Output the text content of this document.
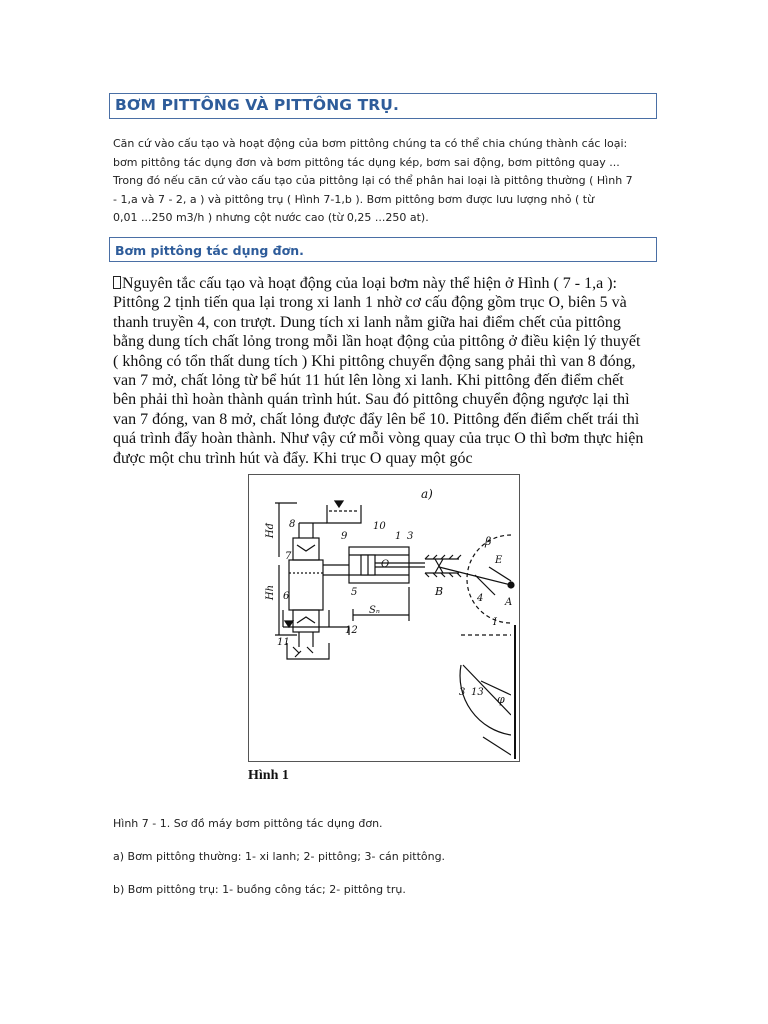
BƠM PITTÔNG VÀ PITTÔNG TRỤ.
Căn cứ vào cấu tạo và hoạt động của bơm pittông chúng ta có thể chia chúng thành các loại:
bơm pittông tác dụng đơn và bơm pittông tác dụng kép, bơm sai động, bơm pittông quay ...
Trong đó nếu căn cứ vào cấu tạo của pittông lại có thể phân hai loại là pittông thường ( Hình 7
- 1,a và 7 - 2, a ) và pittông trụ ( Hình 7-1,b ). Bơm pittông bơm được lưu lượng nhỏ ( từ
0,01 ...250 m3/h ) nhưng cột nước cao (từ 0,25 ...250 at).
Bơm pittông tác dụng đơn.
Nguyên tắc cấu tạo và hoạt động của loại bơm này thể hiện ở Hình ( 7 - 1,a ):
Pittông 2 tịnh tiến qua lại trong xi lanh 1 nhờ cơ cấu động gồm trục O, biên 5 và
thanh truyền 4, con trượt. Dung tích xi lanh nằm giữa hai điểm chết của pittông
bằng dung tích chất lỏng trong mỗi lần hoạt động của pittông ở điều kiện lý thuyết
( không có tổn thất dung tích ) Khi pittông chuyển động sang phải thì van 8 đóng,
van 7 mở, chất lỏng từ bể hút 11 hút lên lòng xi lanh. Khi pittông đến điểm chết
bên phải thì hoàn thành quán trình hút. Sau đó pittông chuyển động ngược lại thì
van 7 đóng, van 8 mở, chất lỏng được đẩy lên bể 10. Pittông đến điểm chết trái thì
quá trình đẩy hoàn thành. Như vậy cứ mỗi vòng quay của trục O thì bơm thực hiện
được một chu trình hút và đẩy. Khi trục O quay một góc
a)
Hđ
Hh
8
9
10
1 3
7
6
O
5
Sₙ
11
12
β
E
B
4 A
I
3 13
φ
Hình 1
Hình 7 - 1. Sơ đồ máy bơm pittông tác dụng đơn.
a) Bơm pittông thường: 1- xi lanh; 2- pittông; 3- cán pittông.
b) Bơm pittông trụ: 1- buồng công tác; 2- pittông trụ.
